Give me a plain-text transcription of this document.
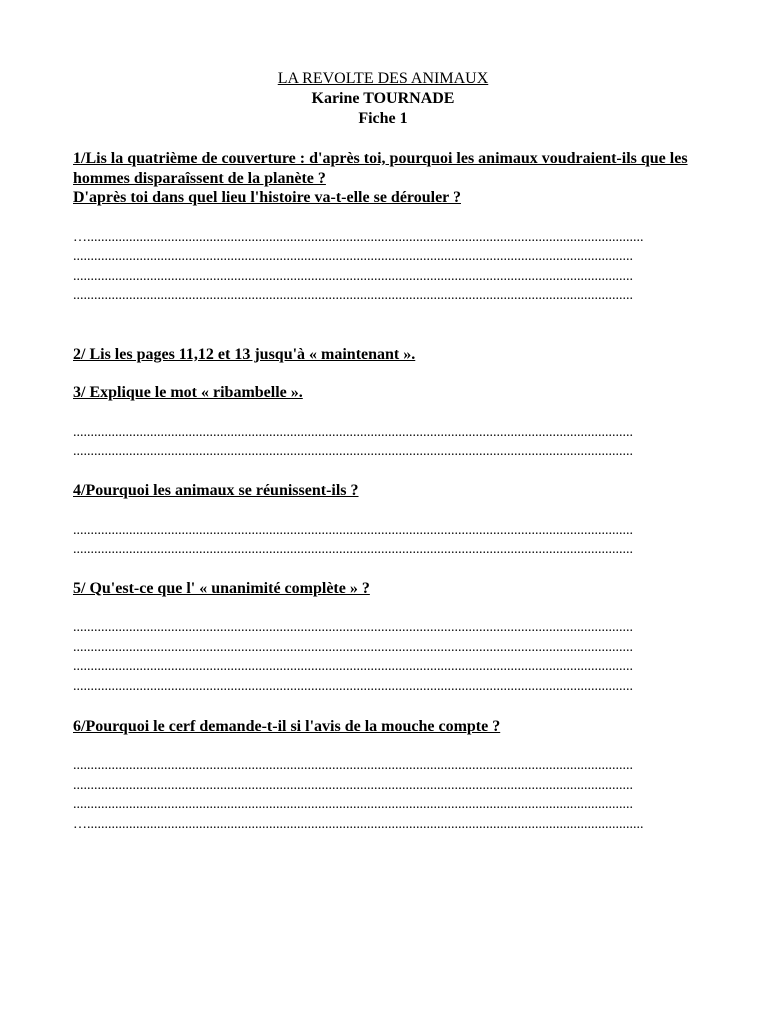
LA REVOLTE DES ANIMAUX
Karine TOURNADE
Fiche 1

1/Lis la quatrième de couverture : d'après toi, pourquoi les animaux voudraient-ils que les hommes disparaîssent de la planète ?
D'après toi dans quel lieu l'histoire va-t-elle se dérouler ?

…...............................................................................................................................................................
................................................................................................................................................................
................................................................................................................................................................
................................................................................................................................................................

2/ Lis les pages 11,12 et 13 jusqu'à « maintenant ».

3/ Explique le mot « ribambelle ».

................................................................................................................................................................
................................................................................................................................................................

4/Pourquoi les animaux se réunissent-ils ?

................................................................................................................................................................
................................................................................................................................................................

5/ Qu'est-ce que l' « unanimité complète » ?

................................................................................................................................................................
................................................................................................................................................................
................................................................................................................................................................
................................................................................................................................................................

6/Pourquoi le cerf demande-t-il si l'avis de la mouche compte ?

................................................................................................................................................................
................................................................................................................................................................
................................................................................................................................................................
…...............................................................................................................................................................
